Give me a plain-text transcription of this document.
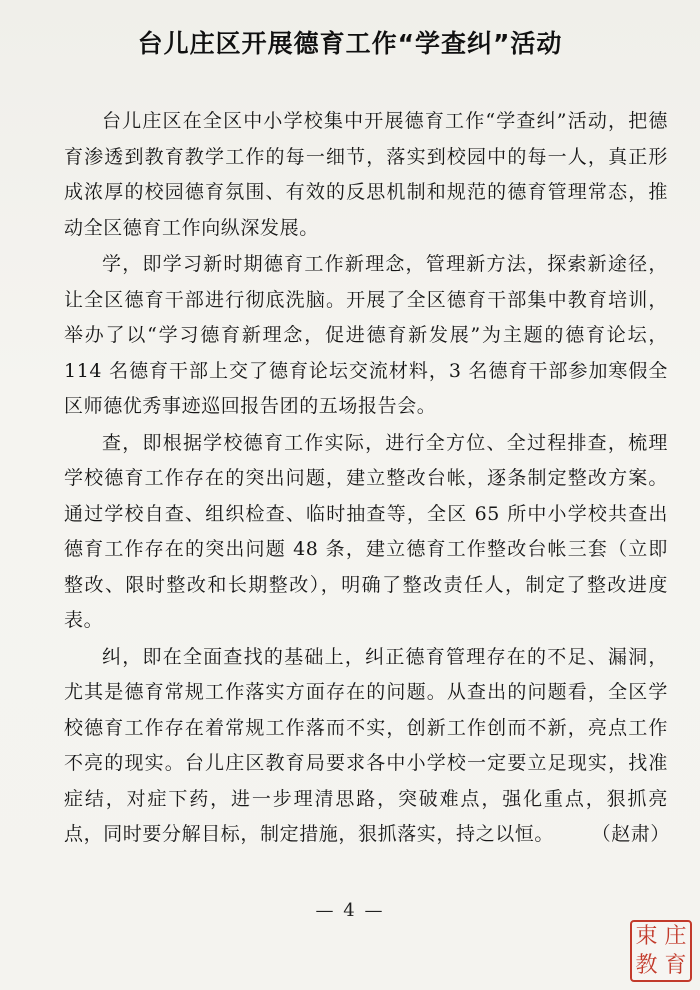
台儿庄区开展德育工作“学查纠”活动

台儿庄区在全区中小学校集中开展德育工作“学查纠”活动，把德育渗透到教育教学工作的每一细节，落实到校园中的每一人，真正形成浓厚的校园德育氛围、有效的反思机制和规范的德育管理常态，推动全区德育工作向纵深发展。

学，即学习新时期德育工作新理念，管理新方法，探索新途径，让全区德育干部进行彻底洗脑。开展了全区德育干部集中教育培训，举办了以“学习德育新理念，促进德育新发展”为主题的德育论坛，114 名德育干部上交了德育论坛交流材料，3 名德育干部参加寒假全区师德优秀事迹巡回报告团的五场报告会。

查，即根据学校德育工作实际，进行全方位、全过程排查，梳理学校德育工作存在的突出问题，建立整改台帐，逐条制定整改方案。通过学校自查、组织检查、临时抽查等，全区 65 所中小学校共查出德育工作存在的突出问题 48 条，建立德育工作整改台帐三套（立即整改、限时整改和长期整改），明确了整改责任人，制定了整改进度表。

纠，即在全面查找的基础上，纠正德育管理存在的不足、漏洞，尤其是德育常规工作落实方面存在的问题。从查出的问题看，全区学校德育工作存在着常规工作落而不实，创新工作创而不新，亮点工作不亮的现实。台儿庄区教育局要求各中小学校一定要立足现实，找准症结，对症下药，进一步理清思路，突破难点，强化重点，狠抓亮点，同时要分解目标，制定措施，狠抓落实，持之以恒。 （赵肃）

— 4 —
束 庄
教 育
